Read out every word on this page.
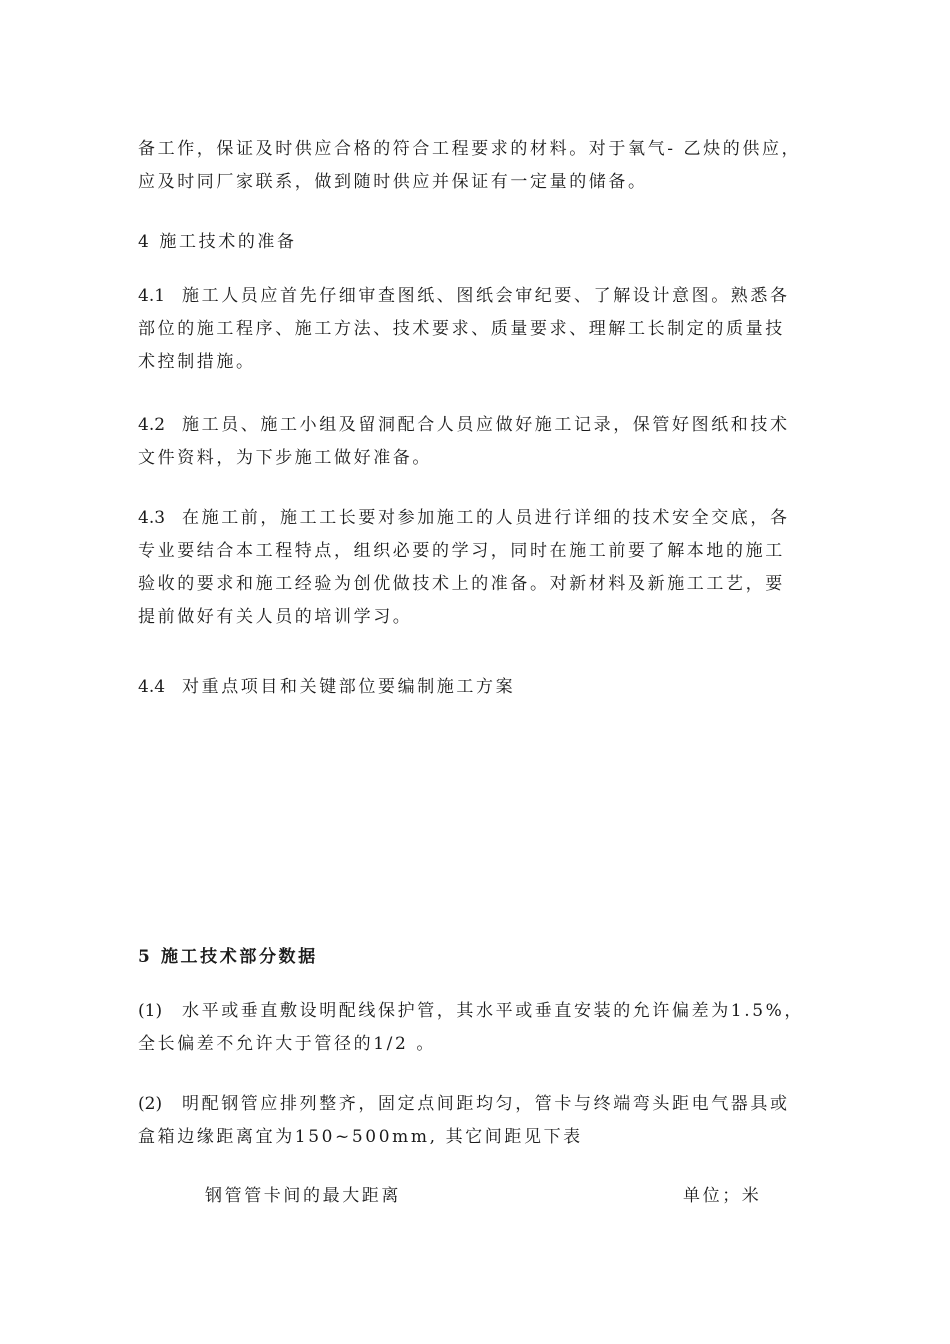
备工作，保证及时供应合格的符合工程要求的材料。对于氧气- 乙炔的供应，
应及时同厂家联系，做到随时供应并保证有一定量的储备。
4 施工技术的准备
4.1 施工人员应首先仔细审查图纸、图纸会审纪要、了解设计意图。熟悉各
部位的施工程序、施工方法、技术要求、质量要求、理解工长制定的质量技
术控制措施。
4.2 施工员、施工小组及留洞配合人员应做好施工记录，保管好图纸和技术
文件资料，为下步施工做好准备。
4.3 在施工前，施工工长要对参加施工的人员进行详细的技术安全交底，各
专业要结合本工程特点，组织必要的学习，同时在施工前要了解本地的施工
验收的要求和施工经验为创优做技术上的准备。对新材料及新施工工艺，要
提前做好有关人员的培训学习。
4.4 对重点项目和关键部位要编制施工方案
5 施工技术部分数据
(1) 水平或垂直敷设明配线保护管，其水平或垂直安装的允许偏差为1.5%，
全长偏差不允许大于管径的1/2 。
(2) 明配钢管应排列整齐，固定点间距均匀，管卡与终端弯头距电气器具或
盒箱边缘距离宜为150~500mm, 其它间距见下表
钢管管卡间的最大距离	单位；米
